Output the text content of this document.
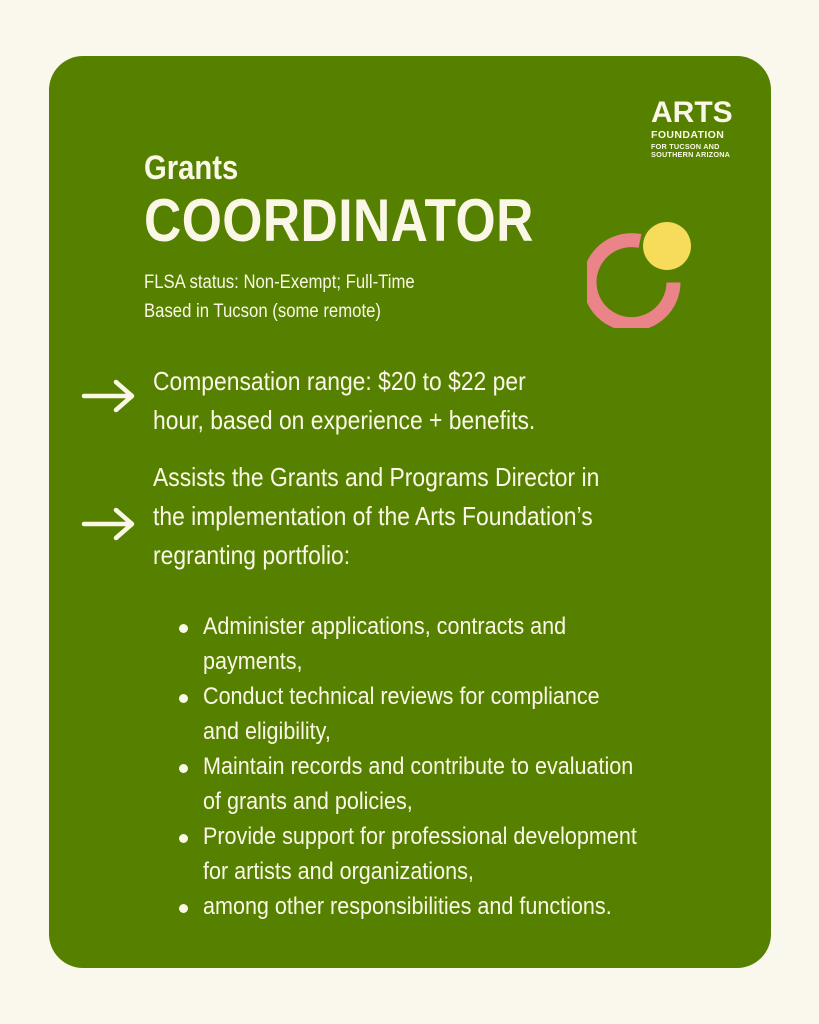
ARTS
FOUNDATION
FOR TUCSON AND
SOUTHERN ARIZONA
Grants
COORDINATOR
FLSA status: Non-Exempt; Full-Time
Based in Tucson (some remote)
Compensation range: $20 to $22 per
hour, based on experience + benefits.
Assists the Grants and Programs Director in
the implementation of the Arts Foundation’s
regranting portfolio:
Administer applications, contracts and
payments,
Conduct technical reviews for compliance
and eligibility,
Maintain records and contribute to evaluation
of grants and policies,
Provide support for professional development
for artists and organizations,
among other responsibilities and functions.
